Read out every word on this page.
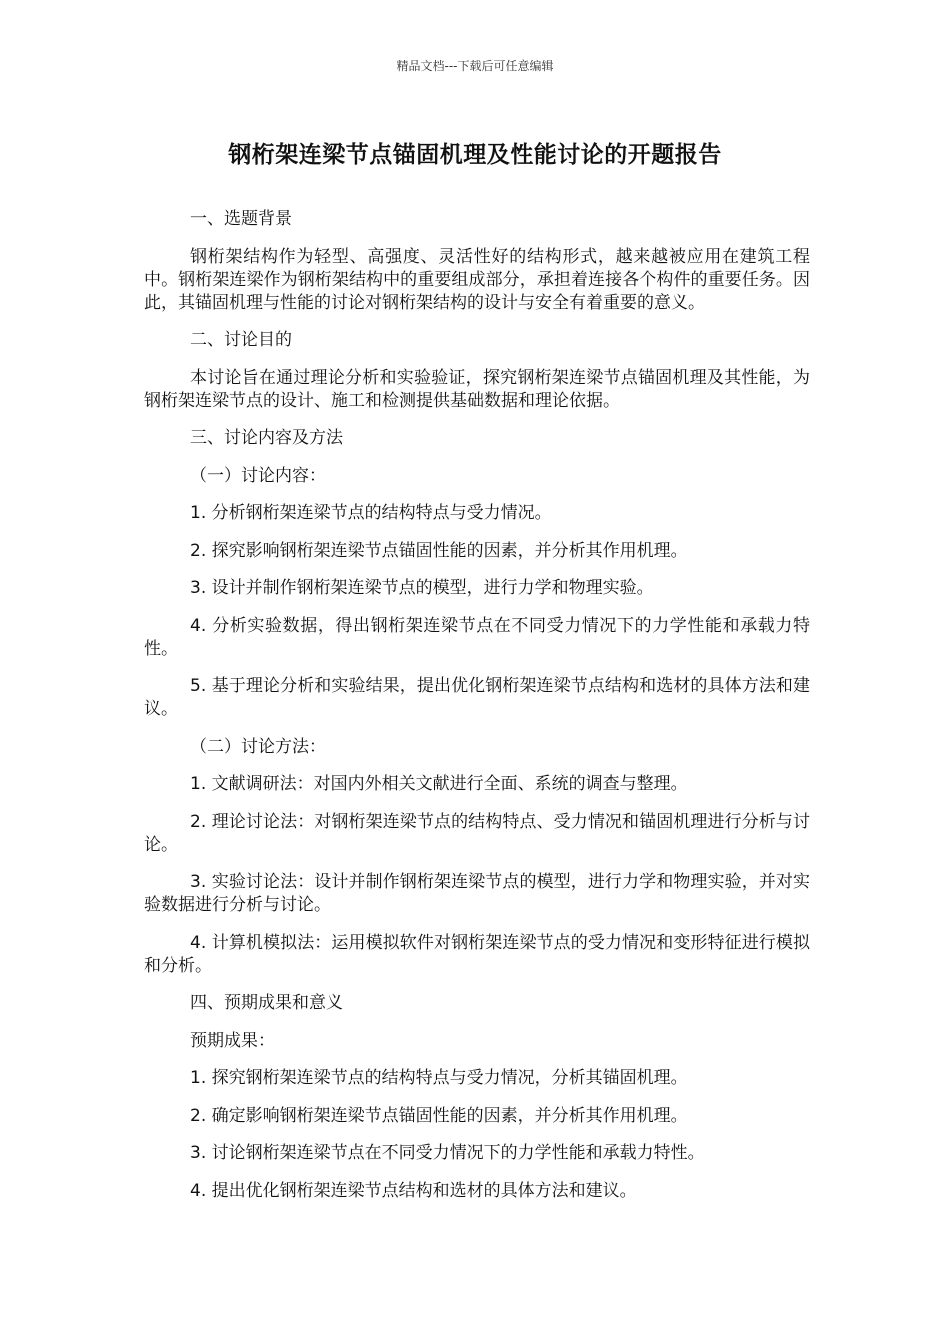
精品文档---下载后可任意编辑
钢桁架连梁节点锚固机理及性能讨论的开题报告

一、选题背景

钢桁架结构作为轻型、高强度、灵活性好的结构形式，越来越被应用在建筑工程中。钢桁架连梁作为钢桁架结构中的重要组成部分，承担着连接各个构件的重要任务。因此，其锚固机理与性能的讨论对钢桁架结构的设计与安全有着重要的意义。

二、讨论目的

本讨论旨在通过理论分析和实验验证，探究钢桁架连梁节点锚固机理及其性能，为钢桁架连梁节点的设计、施工和检测提供基础数据和理论依据。

三、讨论内容及方法

（一）讨论内容：

1. 分析钢桁架连梁节点的结构特点与受力情况。

2. 探究影响钢桁架连梁节点锚固性能的因素，并分析其作用机理。

3. 设计并制作钢桁架连梁节点的模型，进行力学和物理实验。

4. 分析实验数据，得出钢桁架连梁节点在不同受力情况下的力学性能和承载力特性。

5. 基于理论分析和实验结果，提出优化钢桁架连梁节点结构和选材的具体方法和建议。

（二）讨论方法：

1. 文献调研法：对国内外相关文献进行全面、系统的调查与整理。

2. 理论讨论法：对钢桁架连梁节点的结构特点、受力情况和锚固机理进行分析与讨论。

3. 实验讨论法：设计并制作钢桁架连梁节点的模型，进行力学和物理实验，并对实验数据进行分析与讨论。

4. 计算机模拟法：运用模拟软件对钢桁架连梁节点的受力情况和变形特征进行模拟和分析。

四、预期成果和意义

预期成果：

1. 探究钢桁架连梁节点的结构特点与受力情况，分析其锚固机理。

2. 确定影响钢桁架连梁节点锚固性能的因素，并分析其作用机理。

3. 讨论钢桁架连梁节点在不同受力情况下的力学性能和承载力特性。

4. 提出优化钢桁架连梁节点结构和选材的具体方法和建议。
